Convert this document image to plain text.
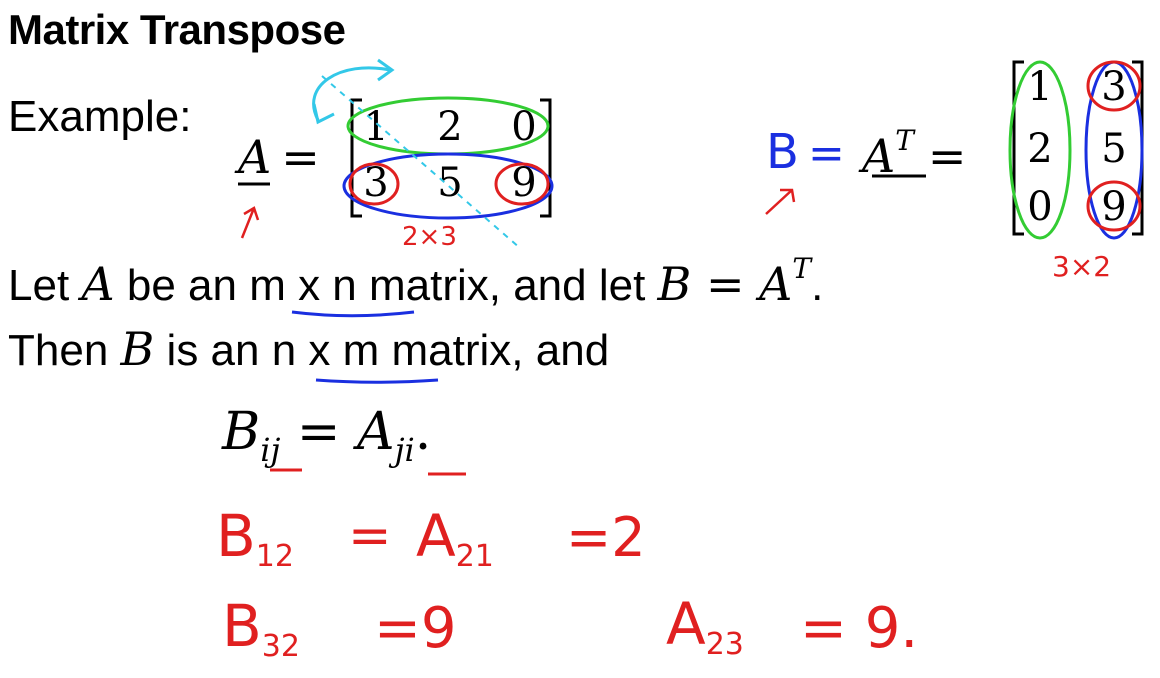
Matrix Transpose
Example:
A =
1 2 0
3 5 9	AT =
B =
1 3
2 5
0 9
2×3
3×2
Let A be an m x n matrix, and let $B = A^T$.
Then B is an n x m matrix, and
Bij = Aji.
B12 = A21 =2
B32 =9	A23 = 9.
